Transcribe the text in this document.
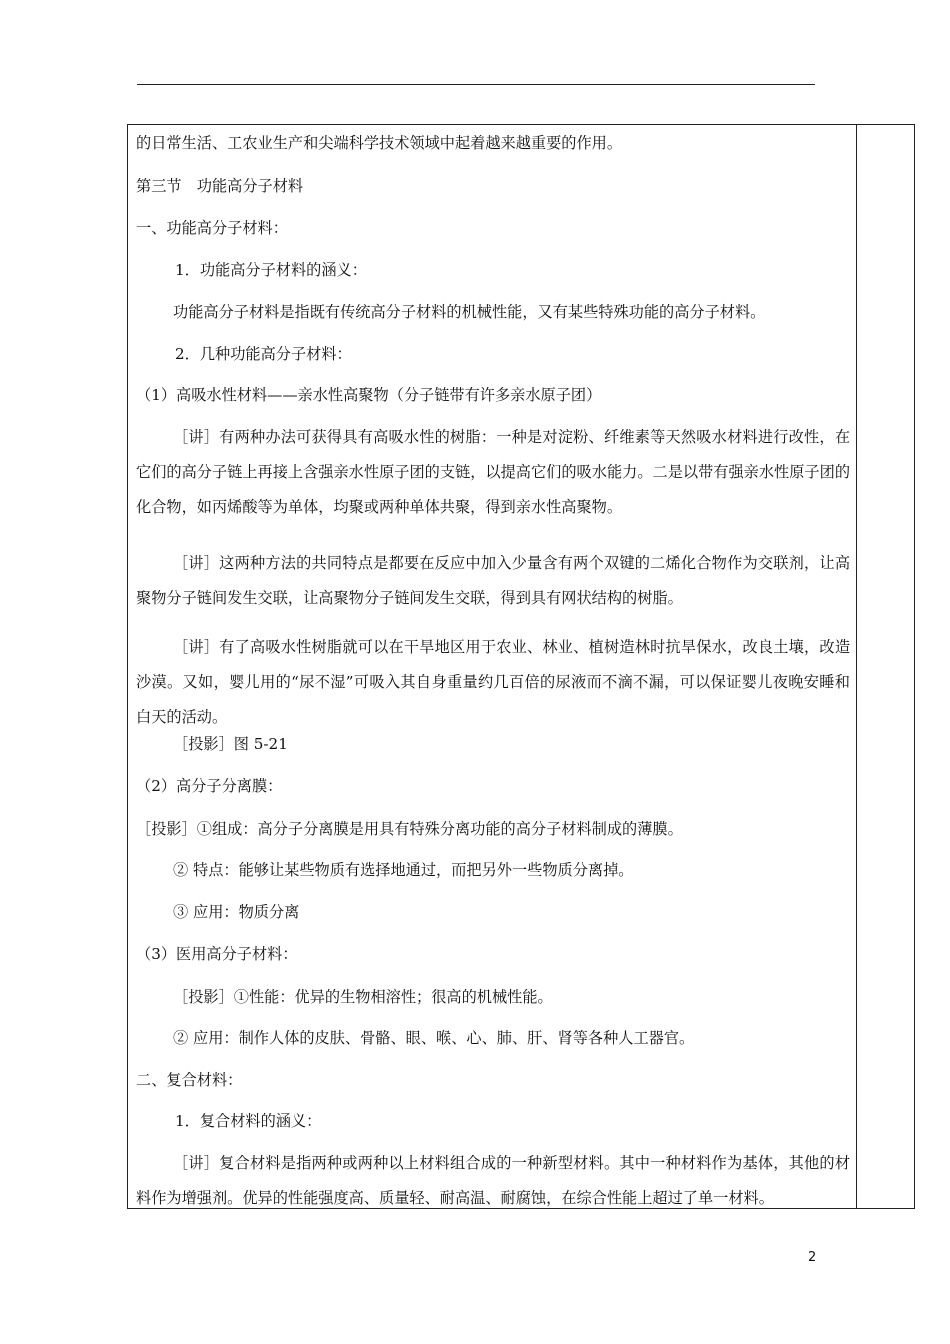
的日常生活、工农业生产和尖端科学技术领域中起着越来越重要的作用。

第三节　功能高分子材料

一、功能高分子材料：

1．功能高分子材料的涵义：

功能高分子材料是指既有传统高分子材料的机械性能，又有某些特殊功能的高分子材料。

2．几种功能高分子材料：

（1）高吸水性材料——亲水性高聚物（分子链带有许多亲水原子团）

［讲］有两种办法可获得具有高吸水性的树脂：一种是对淀粉、纤维素等天然吸水材料进行改性，在它们的高分子链上再接上含强亲水性原子团的支链，以提高它们的吸水能力。二是以带有强亲水性原子团的化合物，如丙烯酸等为单体，均聚或两种单体共聚，得到亲水性高聚物。

［讲］这两种方法的共同特点是都要在反应中加入少量含有两个双键的二烯化合物作为交联剂，让高聚物分子链间发生交联，让高聚物分子链间发生交联，得到具有网状结构的树脂。

［讲］有了高吸水性树脂就可以在干旱地区用于农业、林业、植树造林时抗旱保水，改良土壤，改造沙漠。又如，婴儿用的“尿不湿”可吸入其自身重量约几百倍的尿液而不滴不漏，可以保证婴儿夜晚安睡和白天的活动。

［投影］图 5-21

（2）高分子分离膜：

［投影］①组成：高分子分离膜是用具有特殊分离功能的高分子材料制成的薄膜。

② 特点：能够让某些物质有选择地通过，而把另外一些物质分离掉。

③ 应用：物质分离

（3）医用高分子材料：

［投影］①性能：优异的生物相溶性；很高的机械性能。

② 应用：制作人体的皮肤、骨骼、眼、喉、心、肺、肝、肾等各种人工器官。

二、复合材料：

1．复合材料的涵义：

［讲］复合材料是指两种或两种以上材料组合成的一种新型材料。其中一种材料作为基体，其他的材料作为增强剂。优异的性能强度高、质量轻、耐高温、耐腐蚀，在综合性能上超过了单一材料。

2
